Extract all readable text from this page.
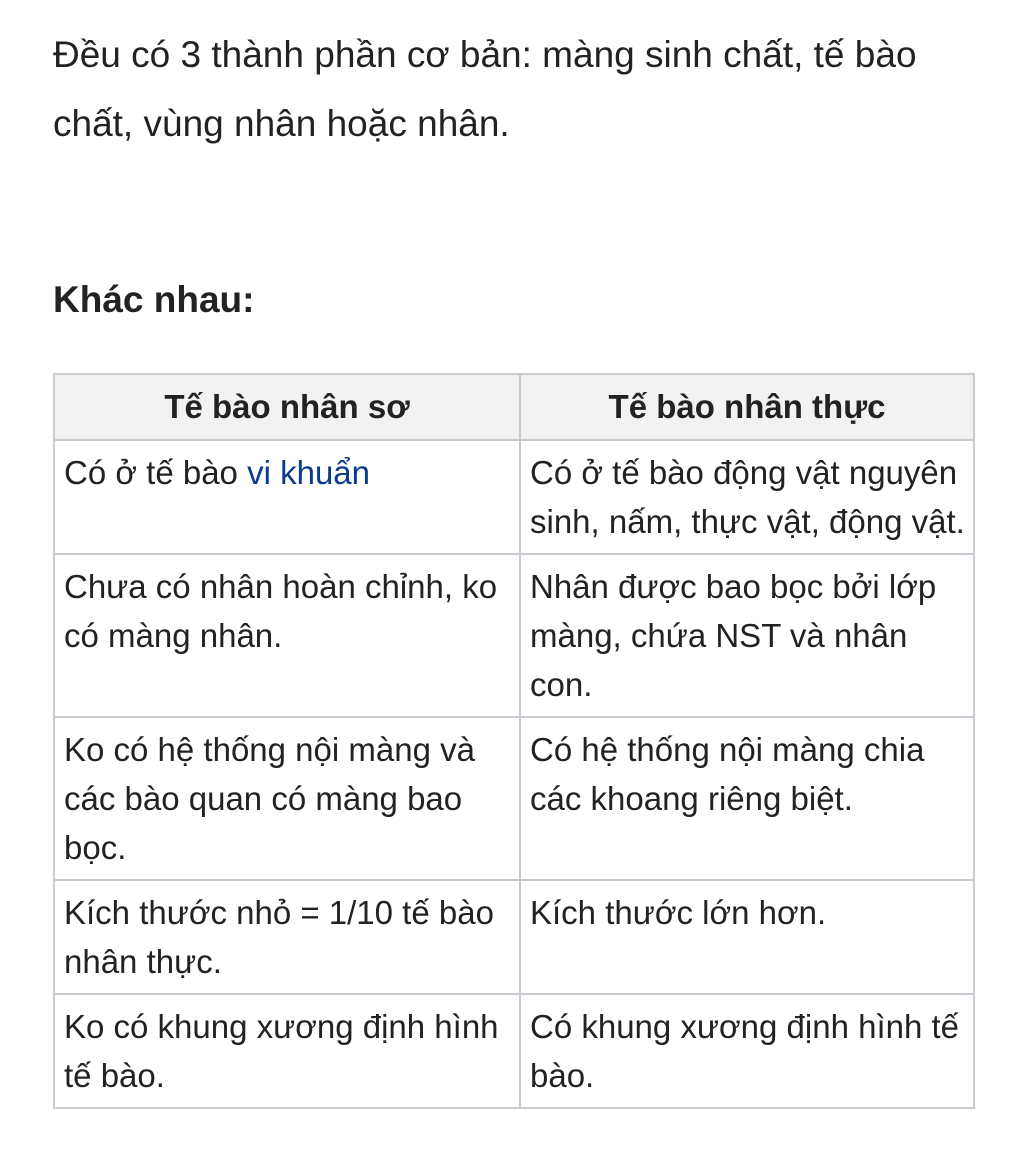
Đều có 3 thành phần cơ bản: màng sinh chất, tế bào chất, vùng nhân hoặc nhân.

Khác nhau:
Tế bào nhân sơ	Tế bào nhân thực
Có ở tế bào vi khuẩn	Có ở tế bào động vật nguyên sinh, nấm, thực vật, động vật.
Chưa có nhân hoàn chỉnh, ko có màng nhân.	Nhân được bao bọc bởi lớp màng, chứa NST và nhân con.
Ko có hệ thống nội màng và các bào quan có màng bao bọc.	Có hệ thống nội màng chia các khoang riêng biệt.
Kích thước nhỏ = 1/10 tế bào nhân thực.	Kích thước lớn hơn.
Ko có khung xương định hình tế bào.	Có khung xương định hình tế bào.
